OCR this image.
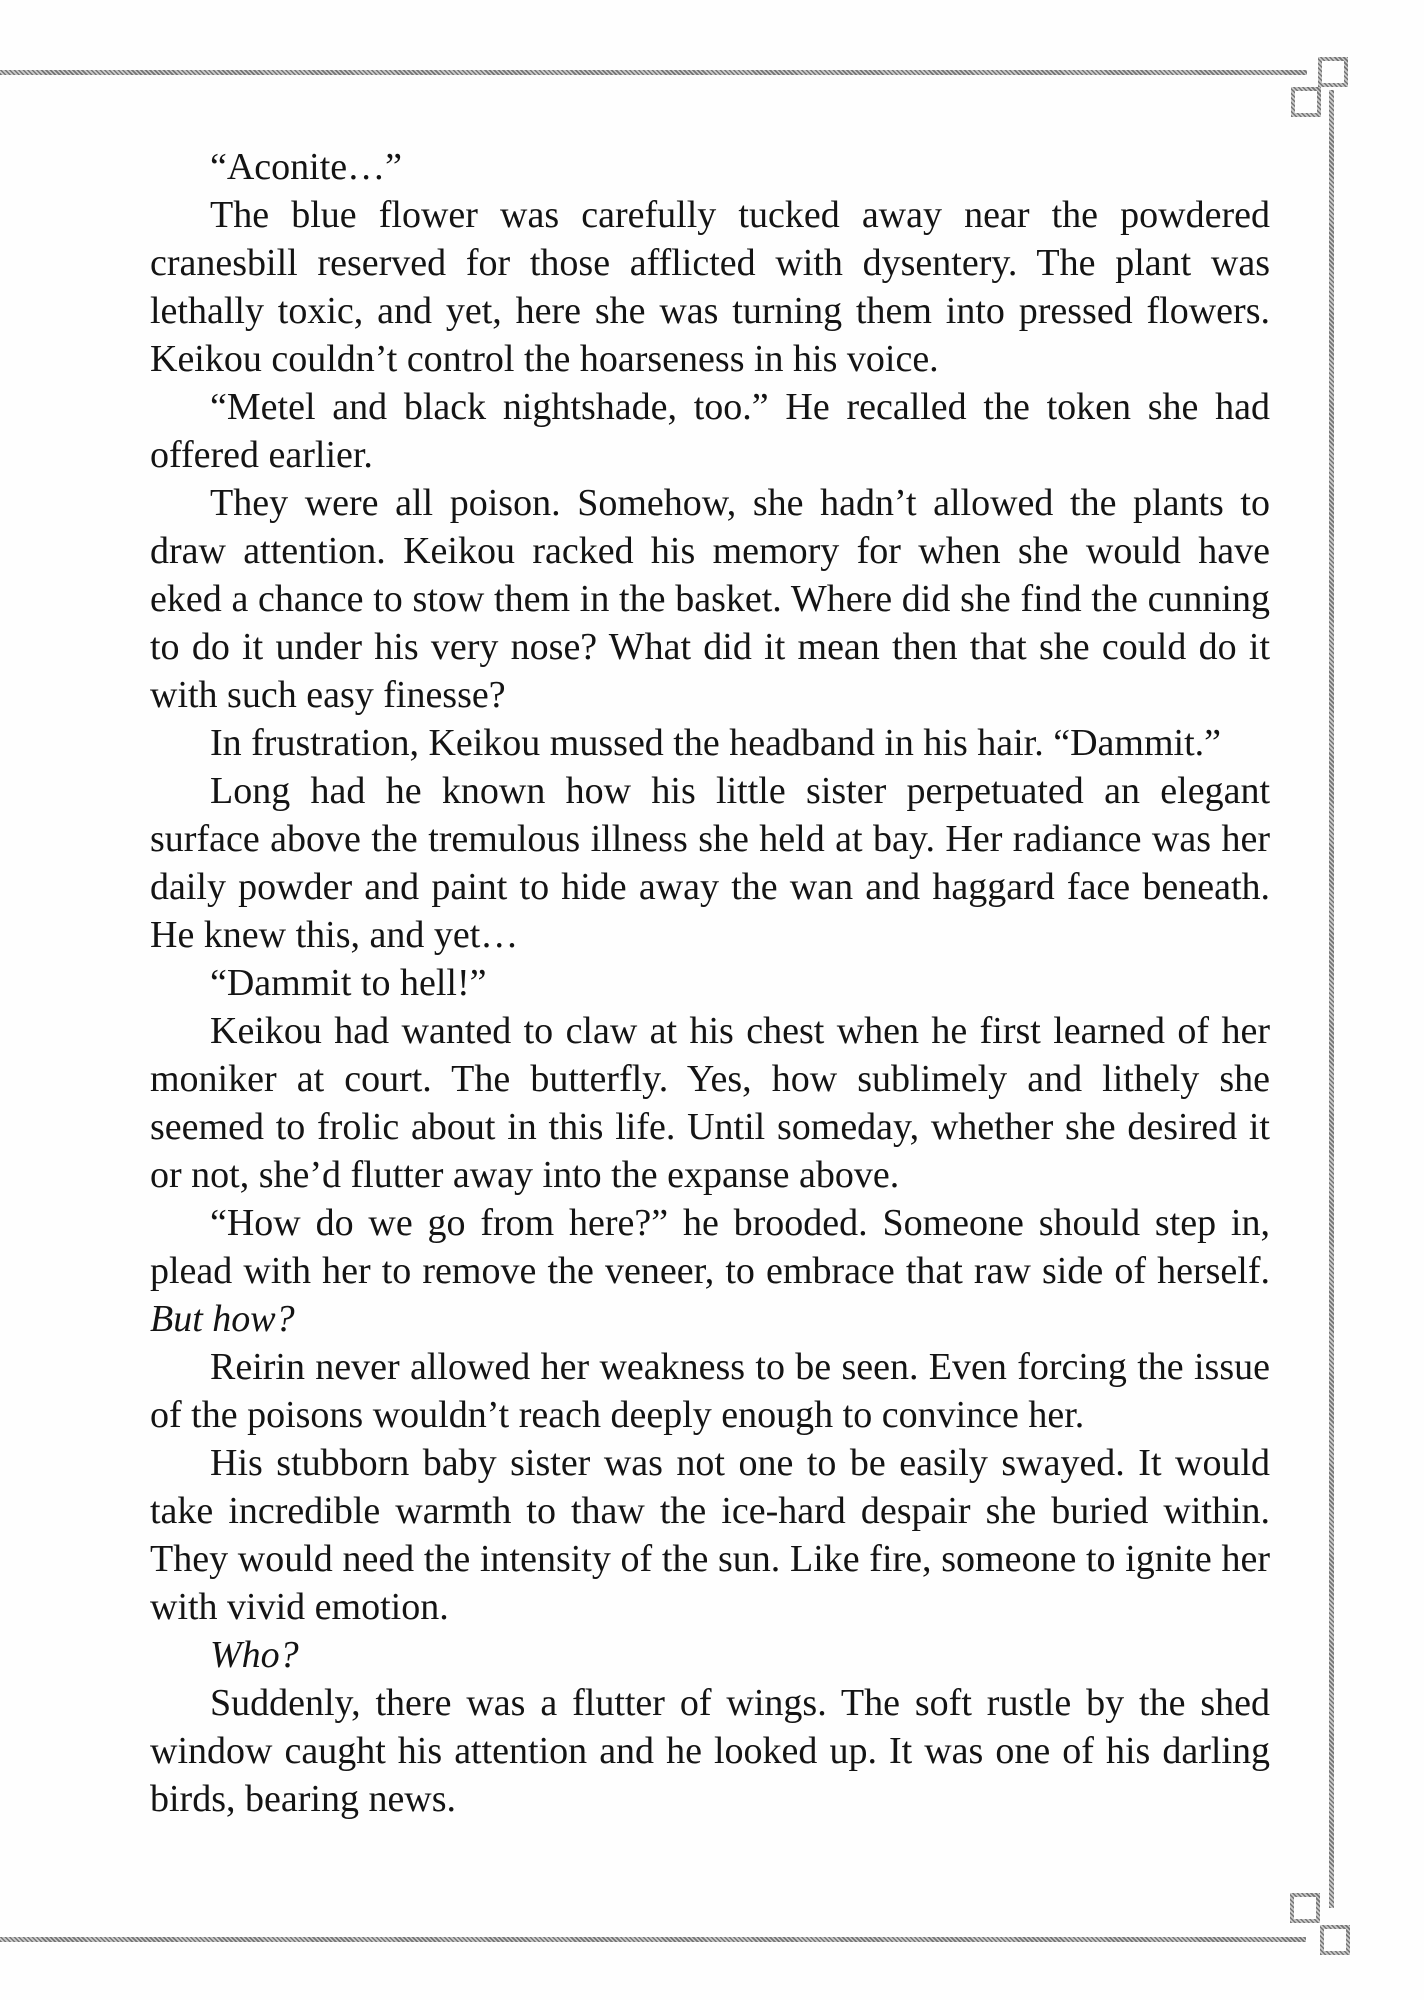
“Aconite…”

The blue flower was carefully tucked away near the powdered cranesbill reserved for those afflicted with dysentery. The plant was lethally toxic, and yet, here she was turning them into pressed flowers. Keikou couldn’t control the hoarseness in his voice.

“Metel and black nightshade, too.” He recalled the token she had offered earlier.

They were all poison. Somehow, she hadn’t allowed the plants to draw attention. Keikou racked his memory for when she would have eked a chance to stow them in the basket. Where did she find the cunning to do it under his very nose? What did it mean then that she could do it with such easy finesse?

In frustration, Keikou mussed the headband in his hair. “Dammit.”

Long had he known how his little sister perpetuated an elegant surface above the tremulous illness she held at bay. Her radiance was her daily powder and paint to hide away the wan and haggard face beneath. He knew this, and yet…

“Dammit to hell!”

Keikou had wanted to claw at his chest when he first learned of her moniker at court. The butterfly. Yes, how sublimely and lithely she seemed to frolic about in this life. Until someday, whether she desired it or not, she’d flutter away into the expanse above.

“How do we go from here?” he brooded. Someone should step in, plead with her to remove the veneer, to embrace that raw side of herself. But how?

Reirin never allowed her weakness to be seen. Even forcing the issue of the poisons wouldn’t reach deeply enough to convince her.

His stubborn baby sister was not one to be easily swayed. It would take incredible warmth to thaw the ice-hard despair she buried within. They would need the intensity of the sun. Like fire, someone to ignite her with vivid emotion.

Who?

Suddenly, there was a flutter of wings. The soft rustle by the shed window caught his attention and he looked up. It was one of his darling birds, bearing news.
